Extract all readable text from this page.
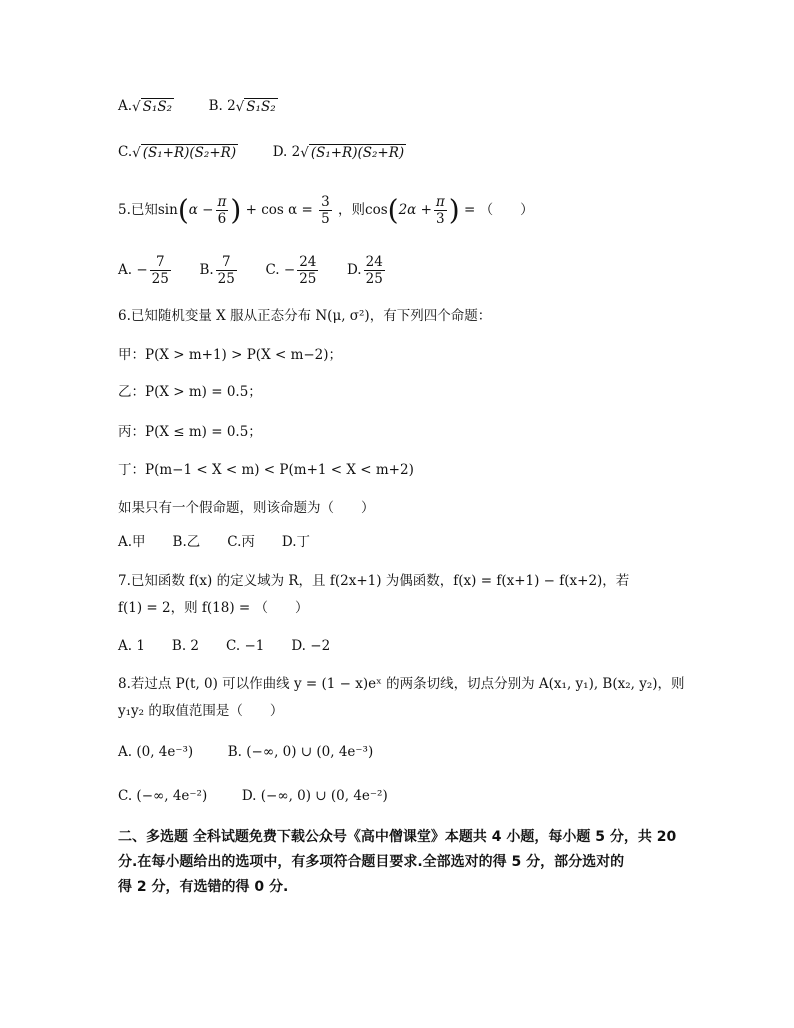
A.√ S₁S₂	B. 2√ S₁S₂
C.√ (S₁+R)(S₂+R)	D. 2√ (S₁+R)(S₂+R)
5.已知$\sin(\alpha - \frac{\pi}{6}$ ) + $\cos \alpha = \frac{3}{5}$ ，则$\cos(2\alpha + \frac{\pi}{3}$ ) = （　　）
A. − $\frac{7}{25} B$. $\frac{7}{25} C$. − $\frac{24}{25} D$. $\frac{24}{25}$
6.已知随机变量 X 服从正态分布 N(μ, σ²)，有下列四个命题：
甲：P(X > m+1) > P(X < m−2)；
乙：P(X > m) = 0.5；
丙：P(X ≤ m) = 0.5；
丁：P(m−1 < X < m) < P(m+1 < X < m+2)
如果只有一个假命题，则该命题为（　　）
A.甲　　B.乙　　C.丙　　D.丁
7.已知函数 f(x) 的定义域为 R，且 f(2x+1) 为偶函数，f(x) = f(x+1) − f(x+2)，若
f(1) = 2，则 f(18) = （　　）
A. 1　　B. 2　　C. −1　　D. −2
8.若过点 P(t, 0) 可以作曲线 y = (1 − x)eˣ 的两条切线，切点分别为 A(x₁, y₁), B(x₂, y₂)，则
y₁y₂ 的取值范围是（　　）
A. (0, 4e⁻³)	B. (−∞, 0) ∪ (0, 4e⁻³)
C. (−∞, 4e⁻²)	D. (−∞, 0) ∪ (0, 4e⁻²)
二、多选题 全科试题免费下载公众号《高中僧课堂》本题共 4 小题，每小题 5 分，共 20
分.在每小题给出的选项中，有多项符合题目要求.全部选对的得 5 分，部分选对的
得 2 分，有选错的得 0 分.
